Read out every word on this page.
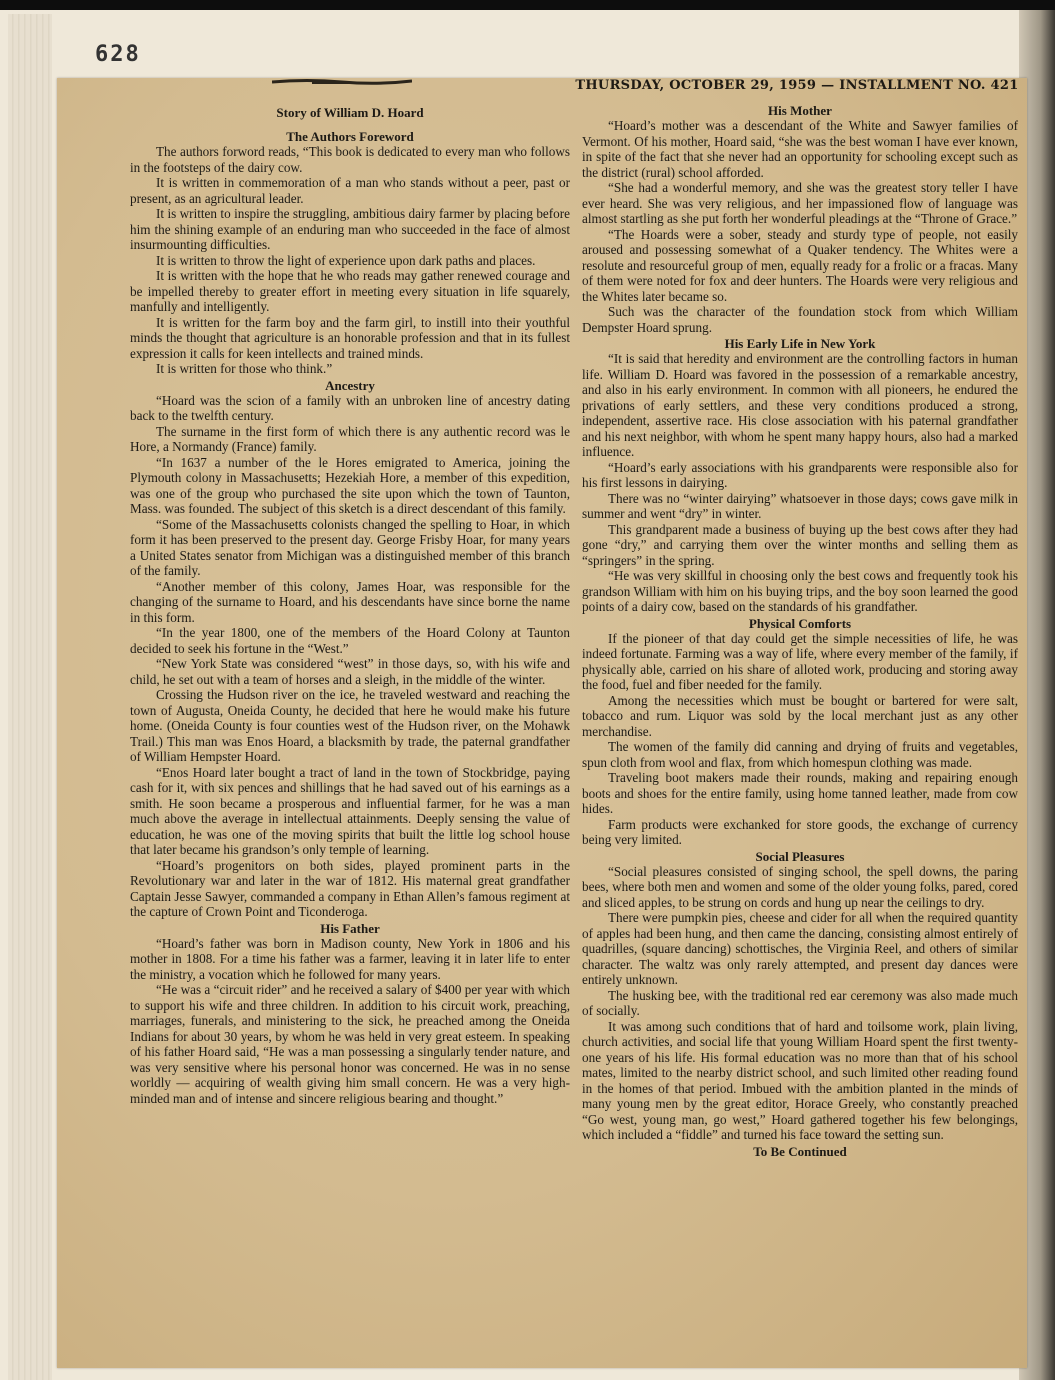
628
THURSDAY, OCTOBER 29, 1959 — INSTALLMENT NO. 421
Story of William D. Hoard
The Authors Foreword

The authors forword reads, “This book is dedicated to every man who follows in the footsteps of the dairy cow.

It is written in commemoration of a man who stands without a peer, past or present, as an agricultural leader.

It is written to inspire the struggling, ambitious dairy farmer by placing before him the shining example of an enduring man who succeeded in the face of almost insurmounting difficulties.

It is written to throw the light of experience upon dark paths and places.

It is written with the hope that he who reads may gather renewed courage and be impelled thereby to greater effort in meeting every situation in life squarely, manfully and intelligently.

It is written for the farm boy and the farm girl, to instill into their youthful minds the thought that agriculture is an honorable profession and that in its fullest expression it calls for keen intellects and trained minds.

It is written for those who think.”

Ancestry

“Hoard was the scion of a family with an unbroken line of ancestry dating back to the twelfth century.

The surname in the first form of which there is any authentic record was le Hore, a Normandy (France) family.

“In 1637 a number of the le Hores emigrated to America, joining the Plymouth colony in Massachusetts; Hezekiah Hore, a member of this expedition, was one of the group who purchased the site upon which the town of Taunton, Mass. was founded. The subject of this sketch is a direct descendant of this family.

“Some of the Massachusetts colonists changed the spelling to Hoar, in which form it has been preserved to the present day. George Frisby Hoar, for many years a United States senator from Michigan was a distinguished member of this branch of the family.

“Another member of this colony, James Hoar, was responsible for the changing of the surname to Hoard, and his descendants have since borne the name in this form.

“In the year 1800, one of the members of the Hoard Colony at Taunton decided to seek his fortune in the “West.”

“New York State was considered “west” in those days, so, with his wife and child, he set out with a team of horses and a sleigh, in the middle of the winter.

Crossing the Hudson river on the ice, he traveled westward and reaching the town of Augusta, Oneida County, he decided that here he would make his future home. (Oneida County is four counties west of the Hudson river, on the Mohawk Trail.) This man was Enos Hoard, a blacksmith by trade, the paternal grandfather of William Hempster Hoard.

“Enos Hoard later bought a tract of land in the town of Stockbridge, paying cash for it, with six pences and shillings that he had saved out of his earnings as a smith. He soon became a prosperous and influential farmer, for he was a man much above the average in intellectual attainments. Deeply sensing the value of education, he was one of the moving spirits that built the little log school house that later became his grandson’s only temple of learning.

“Hoard’s progenitors on both sides, played prominent parts in the Revolutionary war and later in the war of 1812. His maternal great grandfather Captain Jesse Sawyer, commanded a company in Ethan Allen’s famous regiment at the capture of Crown Point and Ticonderoga.

His Father

“Hoard’s father was born in Madison county, New York in 1806 and his mother in 1808. For a time his father was a farmer, leaving it in later life to enter the ministry, a vocation which he followed for many years.

“He was a “circuit rider” and he received a salary of $400 per year with which to support his wife and three children. In addition to his circuit work, preaching, marriages, funerals, and ministering to the sick, he preached among the Oneida Indians for about 30 years, by whom he was held in very great esteem. In speaking of his father Hoard said, “He was a man possessing a singularly tender nature, and was very sensitive where his personal honor was concerned. He was in no sense worldly — acquiring of wealth giving him small concern. He was a very high-minded man and of intense and sincere religious bearing and thought.”

His Mother

“Hoard’s mother was a descendant of the White and Sawyer families of Vermont. Of his mother, Hoard said, “she was the best woman I have ever known, in spite of the fact that she never had an opportunity for schooling except such as the district (rural) school afforded.

“She had a wonderful memory, and she was the greatest story teller I have ever heard. She was very religious, and her impassioned flow of language was almost startling as she put forth her wonderful pleadings at the “Throne of Grace.”

“The Hoards were a sober, steady and sturdy type of people, not easily aroused and possessing somewhat of a Quaker tendency. The Whites were a resolute and resourceful group of men, equally ready for a frolic or a fracas. Many of them were noted for fox and deer hunters. The Hoards were very religious and the Whites later became so.

Such was the character of the foundation stock from which William Dempster Hoard sprung.

His Early Life in New York

“It is said that heredity and environment are the controlling factors in human life. William D. Hoard was favored in the possession of a remarkable ancestry, and also in his early environment. In common with all pioneers, he endured the privations of early settlers, and these very conditions produced a strong, independent, assertive race. His close association with his paternal grandfather and his next neighbor, with whom he spent many happy hours, also had a marked influence.

“Hoard’s early associations with his grandparents were responsible also for his first lessons in dairying.

There was no “winter dairying” whatsoever in those days; cows gave milk in summer and went “dry” in winter.

This grandparent made a business of buying up the best cows after they had gone “dry,” and carrying them over the winter months and selling them as “springers” in the spring.

“He was very skillful in choosing only the best cows and frequently took his grandson William with him on his buying trips, and the boy soon learned the good points of a dairy cow, based on the standards of his grandfather.

Physical Comforts

If the pioneer of that day could get the simple necessities of life, he was indeed fortunate. Farming was a way of life, where every member of the family, if physically able, carried on his share of alloted work, producing and storing away the food, fuel and fiber needed for the family.

Among the necessities which must be bought or bartered for were salt, tobacco and rum. Liquor was sold by the local merchant just as any other merchandise.

The women of the family did canning and drying of fruits and vegetables, spun cloth from wool and flax, from which homespun clothing was made.

Traveling boot makers made their rounds, making and repairing enough boots and shoes for the entire family, using home tanned leather, made from cow hides.

Farm products were exchanked for store goods, the exchange of currency being very limited.

Social Pleasures

“Social pleasures consisted of singing school, the spell downs, the paring bees, where both men and women and some of the older young folks, pared, cored and sliced apples, to be strung on cords and hung up near the ceilings to dry.

There were pumpkin pies, cheese and cider for all when the required quantity of apples had been hung, and then came the dancing, consisting almost entirely of quadrilles, (square dancing) schottisches, the Virginia Reel, and others of similar character. The waltz was only rarely attempted, and present day dances were entirely unknown.

The husking bee, with the traditional red ear ceremony was also made much of socially.

It was among such conditions that of hard and toilsome work, plain living, church activities, and social life that young William Hoard spent the first twenty-one years of his life. His formal education was no more than that of his school mates, limited to the nearby district school, and such limited other reading found in the homes of that period. Imbued with the ambition planted in the minds of many young men by the great editor, Horace Greely, who constantly preached “Go west, young man, go west,” Hoard gathered together his few belongings, which included a “fiddle” and turned his face toward the setting sun.

To Be Continued
